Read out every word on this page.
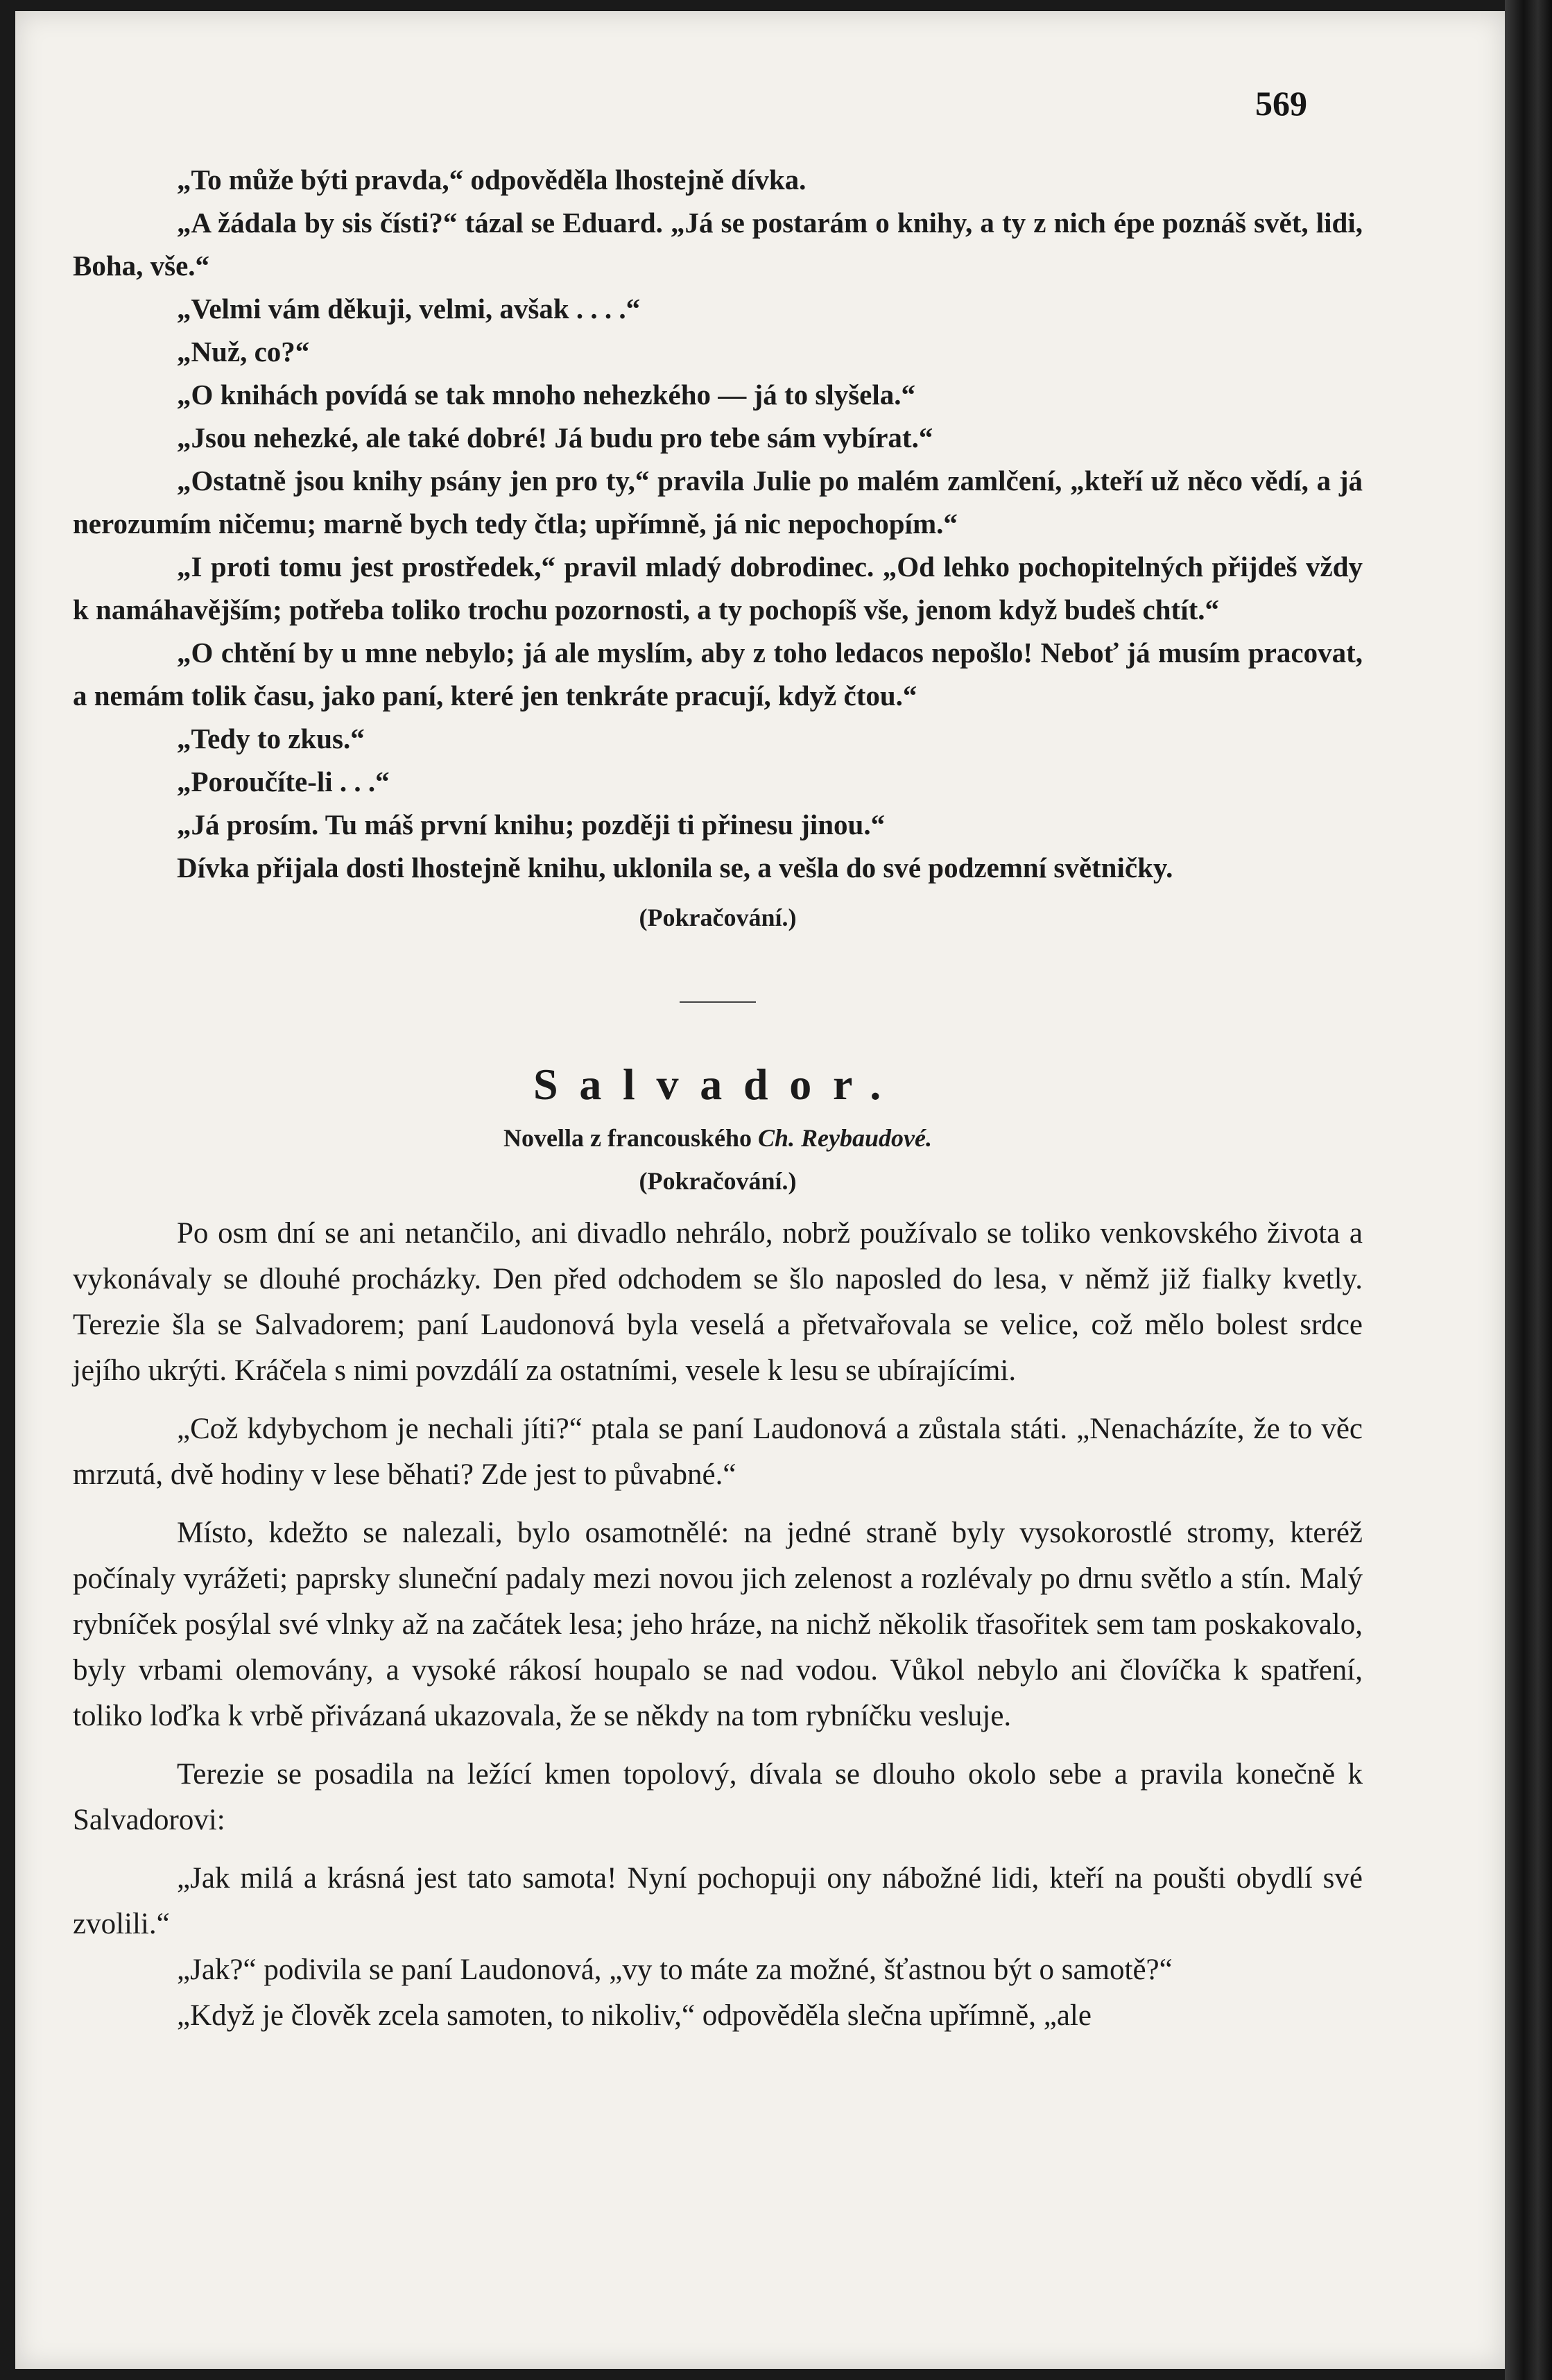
569

„To může býti pravda,“ odpověděla lhostejně dívka.

„A žádala by sis čísti?“ tázal se Eduard. „Já se postarám o knihy, a ty z nich épe poznáš svět, lidi, Boha, vše.“

„Velmi vám děkuji, velmi, avšak . . . .“

„Nuž, co?“

„O knihách povídá se tak mnoho nehezkého — já to slyšela.“

„Jsou nehezké, ale také dobré! Já budu pro tebe sám vybírat.“

„Ostatně jsou knihy psány jen pro ty,“ pravila Julie po malém zamlčení, „kteří už něco vědí, a já nerozumím ničemu; marně bych tedy čtla; upřímně, já nic nepochopím.“

„I proti tomu jest prostředek,“ pravil mladý dobrodinec. „Od lehko pochopitelných přijdeš vždy k namáhavějším; potřeba toliko trochu pozornosti, a ty pochopíš vše, jenom když budeš chtít.“

„O chtění by u mne nebylo; já ale myslím, aby z toho ledacos nepošlo! Neboť já musím pracovat, a nemám tolik času, jako paní, které jen tenkráte pracují, když čtou.“

„Tedy to zkus.“

„Poroučíte-li . . .“

„Já prosím. Tu máš první knihu; později ti přinesu jinou.“

Dívka přijala dosti lhostejně knihu, uklonila se, a vešla do své podzemní světničky.

(Pokračování.)

Salvador.

Novella z francouského Ch. Reybaudové.

(Pokračování.)

Po osm dní se ani netančilo, ani divadlo nehrálo, nobrž používalo se toliko venkovského života a vykonávaly se dlouhé procházky. Den před odchodem se šlo naposled do lesa, v němž již fialky kvetly. Terezie šla se Salvadorem; paní Laudonová byla veselá a přetvařovala se velice, což mělo bolest srdce jejího ukrýti. Kráčela s nimi povzdálí za ostatními, vesele k lesu se ubírajícími.

„Což kdybychom je nechali jíti?“ ptala se paní Laudonová a zůstala státi. „Nenacházíte, že to věc mrzutá, dvě hodiny v lese běhati? Zde jest to půvabné.“

Místo, kdežto se nalezali, bylo osamotnělé: na jedné straně byly vysokorostlé stromy, kteréž počínaly vyrážeti; paprsky sluneční padaly mezi novou jich zelenost a rozlévaly po drnu světlo a stín. Malý rybníček posýlal své vlnky až na začátek lesa; jeho hráze, na nichž několik třasořitek sem tam poskakovalo, byly vrbami olemovány, a vysoké rákosí houpalo se nad vodou. Vůkol nebylo ani človíčka k spatření, toliko loďka k vrbě přivázaná ukazovala, že se někdy na tom rybníčku veslujе.

Terezie se posadila na ležící kmen topolový, dívala se dlouho okolo sebe a pravila konečně k Salvadorovi:

„Jak milá a krásná jest tato samota! Nyní pochopuji ony nábožné lidi, kteří na poušti obydlí své zvolili.“

„Jak?“ podivila se paní Laudonová, „vy to máte za možné, šťastnou být o samotě?“

„Když je člověk zcela samoten, to nikoliv,“ odpověděla slečna upřímně, „ale
